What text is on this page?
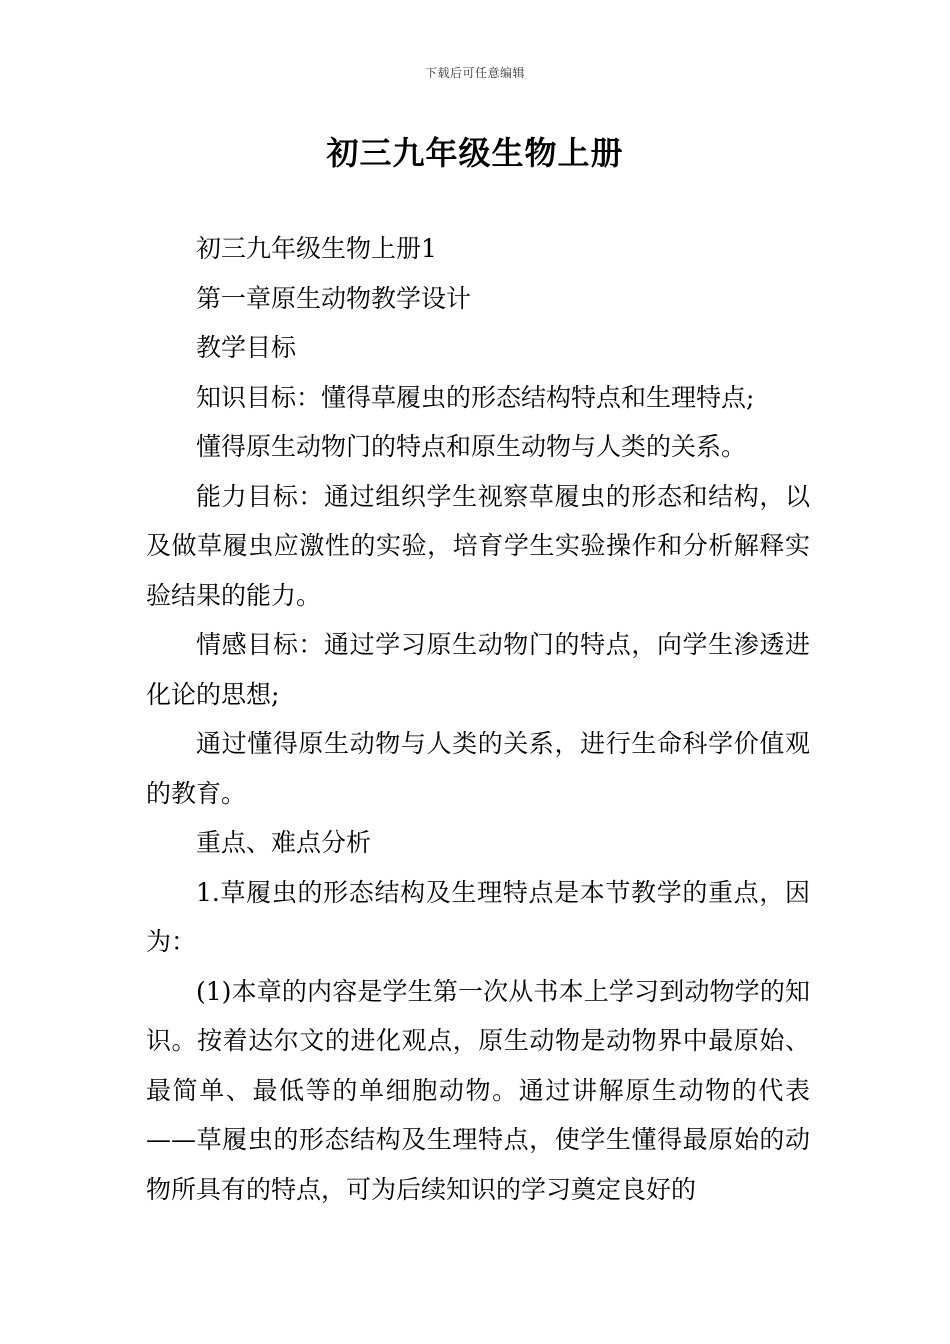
下载后可任意编辑
初三九年级生物上册

初三九年级生物上册1

第一章原生动物教学设计

教学目标

知识目标：懂得草履虫的形态结构特点和生理特点;

懂得原生动物门的特点和原生动物与人类的关系。

能力目标：通过组织学生视察草履虫的形态和结构，以及做草履虫应激性的实验，培育学生实验操作和分析解释实验结果的能力。

情感目标：通过学习原生动物门的特点，向学生渗透进化论的思想;

通过懂得原生动物与人类的关系，进行生命科学价值观的教育。

重点、难点分析

1.草履虫的形态结构及生理特点是本节教学的重点，因为：

(1)本章的内容是学生第一次从书本上学习到动物学的知识。按着达尔文的进化观点，原生动物是动物界中最原始、最简单、最低等的单细胞动物。通过讲解原生动物的代表——草履虫的形态结构及生理特点，使学生懂得最原始的动物所具有的特点，可为后续知识的学习奠定良好的
